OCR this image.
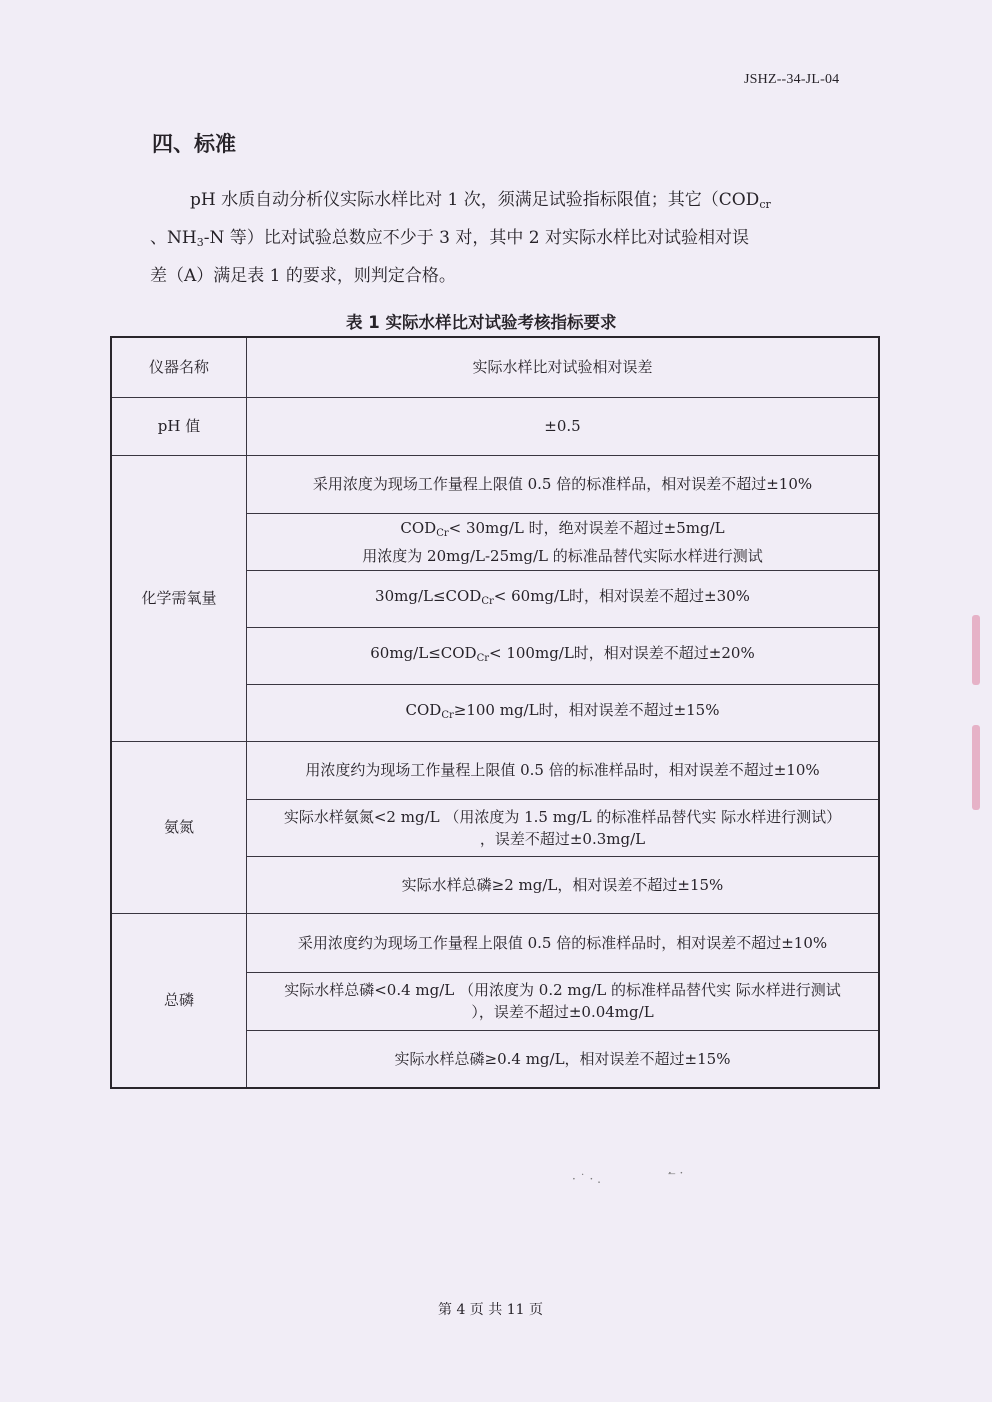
JSHZ--34-JL-04
四、标准
pH 水质自动分析仪实际水样比对 1 次，须满足试验指标限值；其它（$COD_{cr}$
、$NH_3-N$ 等）比对试验总数应不少于 3 对，其中 2 对实际水样比对试验相对误
差（A）满足表 1 的要求，则判定合格。
表 1 实际水样比对试验考核指标要求
仪器名称	实际水样比对试验相对误差
pH 值	±0.5
化学需氧量	采用浓度为现场工作量程上限值 0.5 倍的标准样品，相对误差不超过±10%

	$COD_{Cr}< 30mg/L$ 时，绝对误差不超过±5mg/L
用浓度为 20mg/L-25mg/L 的标准品替代实际水样进行测试

	$30mg/L\le COD_{Cr}< 60mg/L$时，相对误差不超过±30%
	$60mg/L\le COD_{Cr}< 100mg/L$时，相对误差不超过±20%
	$COD_{Cr}\ge 100$ mg/L时，相对误差不超过±15%
氨氮	用浓度约为现场工作量程上限值 0.5 倍的标准样品时，相对误差不超过±10%

	实际水样氨氮<2 mg/L （用浓度为 1.5 mg/L 的标准样品替代实 际水样进行测试）
，误差不超过±0.3mg/L

	实际水样总磷≥2 mg/L，相对误差不超过±15%
总磷	采用浓度约为现场工作量程上限值 0.5 倍的标准样品时，相对误差不超过±10%

	实际水样总磷<0.4 mg/L （用浓度为 0.2 mg/L 的标准样品替代实 际水样进行测试
），误差不超过±0.04mg/L

	实际水样总磷≥0.4 mg/L，相对误差不超过±15%
第 4 页 共 11 页
· ˙ · .	· ̶ ·
